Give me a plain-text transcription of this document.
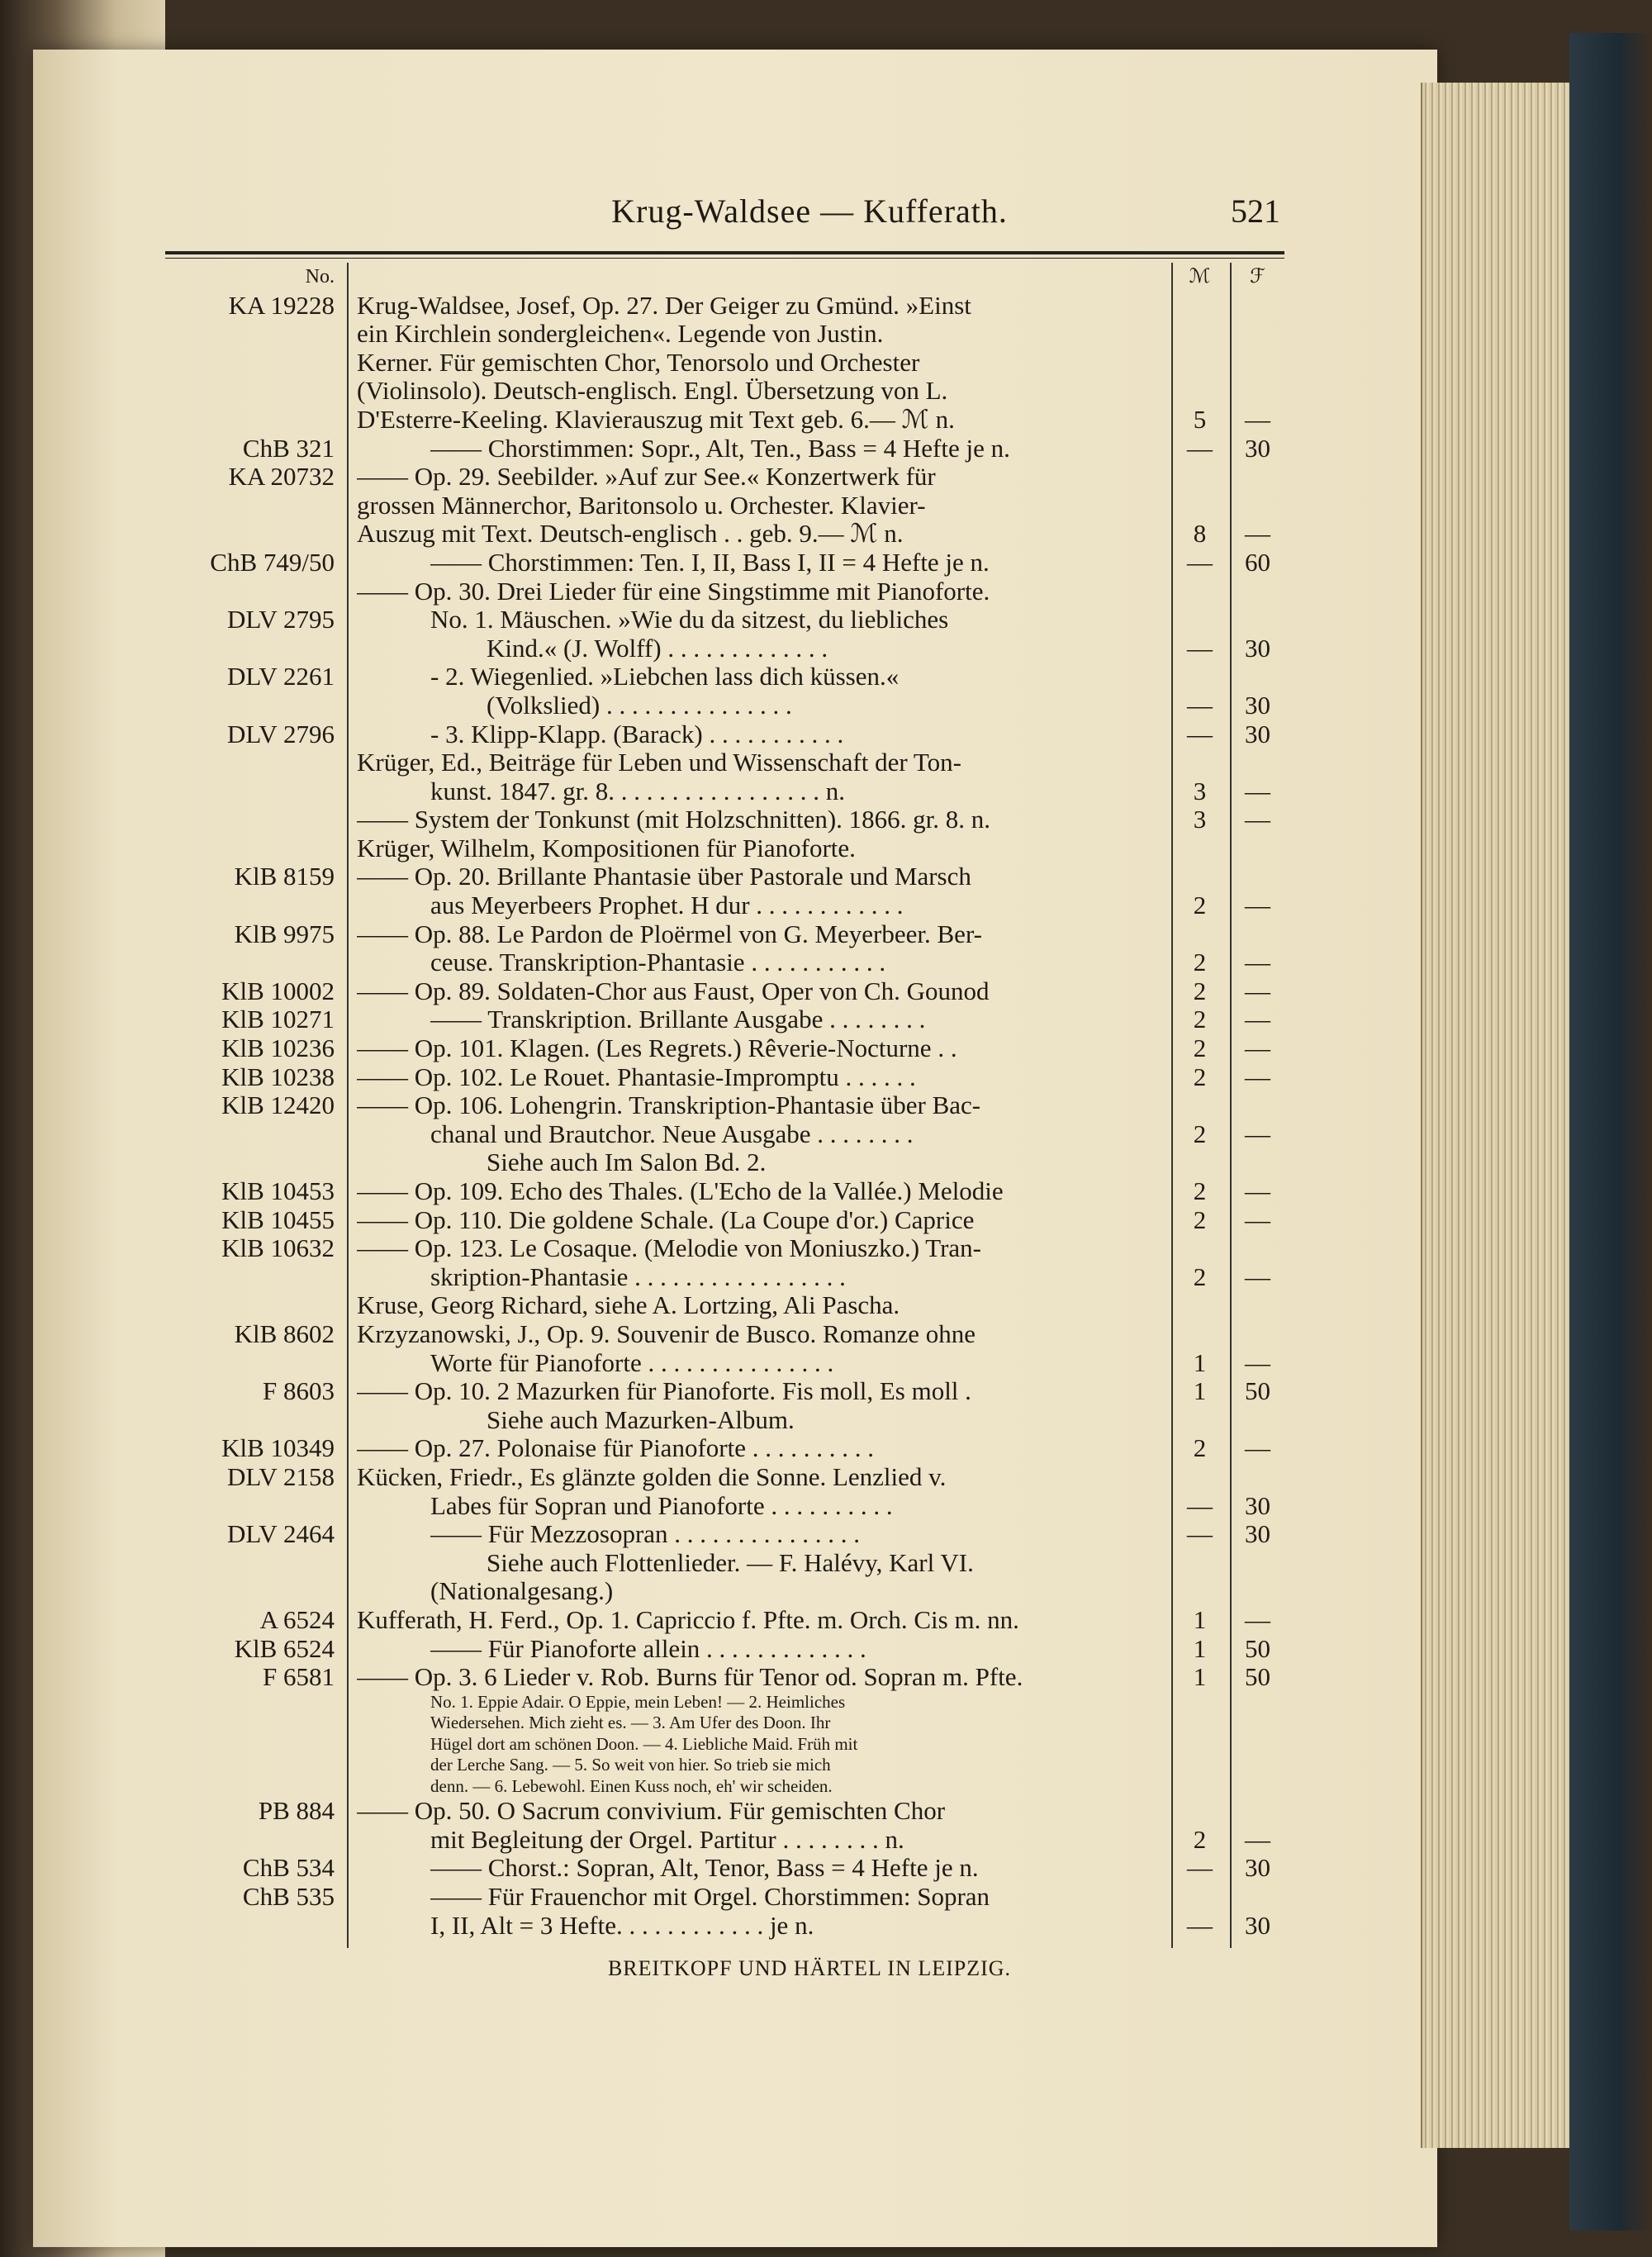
Krug-Waldsee — Kufferath.	521
No.	ℳ	ℱ
KA 19228 Krug-Waldsee, Josef, Op. 27. Der Geiger zu Gmünd. »Einst
ein Kirchlein sondergleichen«. Legende von Justin.
Kerner. Für gemischten Chor, Tenorsolo und Orchester
(Violinsolo). Deutsch-englisch. Engl. Übersetzung von L.
D'Esterre-Keeling. Klavierauszug mit Text geb. 6.— ℳ n.	5	—
ChB 321	—— Chorstimmen: Sopr., Alt, Ten., Bass = 4 Hefte je n.	—	30
KA 20732 —— Op. 29. Seebilder. »Auf zur See.« Konzertwerk für
grossen Männerchor, Baritonsolo u. Orchester. Klavier-
Auszug mit Text. Deutsch-englisch . . geb. 9.— ℳ n.	8	—
ChB 749/50	—— Chorstimmen: Ten. I, II, Bass I, II = 4 Hefte je n.	—	60
—— Op. 30. Drei Lieder für eine Singstimme mit Pianoforte.
DLV 2795	No. 1. Mäuschen. »Wie du da sitzest, du liebliches
Kind.« (J. Wolff) . . . . . . . . . . . . .	—	30
DLV 2261	- 2. Wiegenlied. »Liebchen lass dich küssen.«
(Volkslied) . . . . . . . . . . . . . . .	—	30
DLV 2796	- 3. Klipp-Klapp. (Barack) . . . . . . . . . . .	—	30
Krüger, Ed., Beiträge für Leben und Wissenschaft der Ton-
kunst. 1847. gr. 8. . . . . . . . . . . . . . . . . n.	3	—
—— System der Tonkunst (mit Holzschnitten). 1866. gr. 8. n.	3	—
Krüger, Wilhelm, Kompositionen für Pianoforte.
KlB 8159 —— Op. 20. Brillante Phantasie über Pastorale und Marsch
aus Meyerbeers Prophet. H dur . . . . . . . . . . . .	2	—
KlB 9975 —— Op. 88. Le Pardon de Ploërmel von G. Meyerbeer. Ber-
ceuse. Transkription-Phantasie . . . . . . . . . . .	2	—
KlB 10002 —— Op. 89. Soldaten-Chor aus Faust, Oper von Ch. Gounod	2	—
KlB 10271	—— Transkription. Brillante Ausgabe . . . . . . . .	2	—
KlB 10236 —— Op. 101. Klagen. (Les Regrets.) Rêverie-Nocturne . .	2	—
KlB 10238 —— Op. 102. Le Rouet. Phantasie-Impromptu . . . . . .	2	—
KlB 12420 —— Op. 106. Lohengrin. Transkription-Phantasie über Bac-
chanal und Brautchor. Neue Ausgabe . . . . . . . .	2	—
Siehe auch Im Salon Bd. 2.
KlB 10453 —— Op. 109. Echo des Thales. (L'Echo de la Vallée.) Melodie	2	—
KlB 10455 —— Op. 110. Die goldene Schale. (La Coupe d'or.) Caprice	2	—
KlB 10632 —— Op. 123. Le Cosaque. (Melodie von Moniuszko.) Tran-
skription-Phantasie . . . . . . . . . . . . . . . . .	2	—
Kruse, Georg Richard, siehe A. Lortzing, Ali Pascha.
KlB 8602 Krzyzanowski, J., Op. 9. Souvenir de Busco. Romanze ohne
Worte für Pianoforte . . . . . . . . . . . . . . .	1	—
F 8603 —— Op. 10. 2 Mazurken für Pianoforte. Fis moll, Es moll .	1	50
Siehe auch Mazurken-Album.
KlB 10349 —— Op. 27. Polonaise für Pianoforte . . . . . . . . . .	2	—
DLV 2158 Kücken, Friedr., Es glänzte golden die Sonne. Lenzlied v.
Labes für Sopran und Pianoforte . . . . . . . . . .	—	30
DLV 2464	—— Für Mezzosopran . . . . . . . . . . . . . . .	—	30
Siehe auch Flottenlieder. — F. Halévy, Karl VI.
(Nationalgesang.)
A 6524 Kufferath, H. Ferd., Op. 1. Capriccio f. Pfte. m. Orch. Cis m. nn.	1	—
KlB 6524	—— Für Pianoforte allein . . . . . . . . . . . . .	1	50
F 6581 —— Op. 3. 6 Lieder v. Rob. Burns für Tenor od. Sopran m. Pfte.	1	50
No. 1. Eppie Adair. O Eppie, mein Leben! — 2. Heimliches
Wiedersehen. Mich zieht es. — 3. Am Ufer des Doon. Ihr
Hügel dort am schönen Doon. — 4. Liebliche Maid. Früh mit
der Lerche Sang. — 5. So weit von hier. So trieb sie mich
denn. — 6. Lebewohl. Einen Kuss noch, eh' wir scheiden.
PB 884 —— Op. 50. O Sacrum convivium. Für gemischten Chor
mit Begleitung der Orgel. Partitur . . . . . . . . n.	2	—
ChB 534	—— Chorst.: Sopran, Alt, Tenor, Bass = 4 Hefte je n.	—	30
ChB 535	—— Für Frauenchor mit Orgel. Chorstimmen: Sopran
I, II, Alt = 3 Hefte. . . . . . . . . . . . je n.	—	30
BREITKOPF UND HÄRTEL IN LEIPZIG.
